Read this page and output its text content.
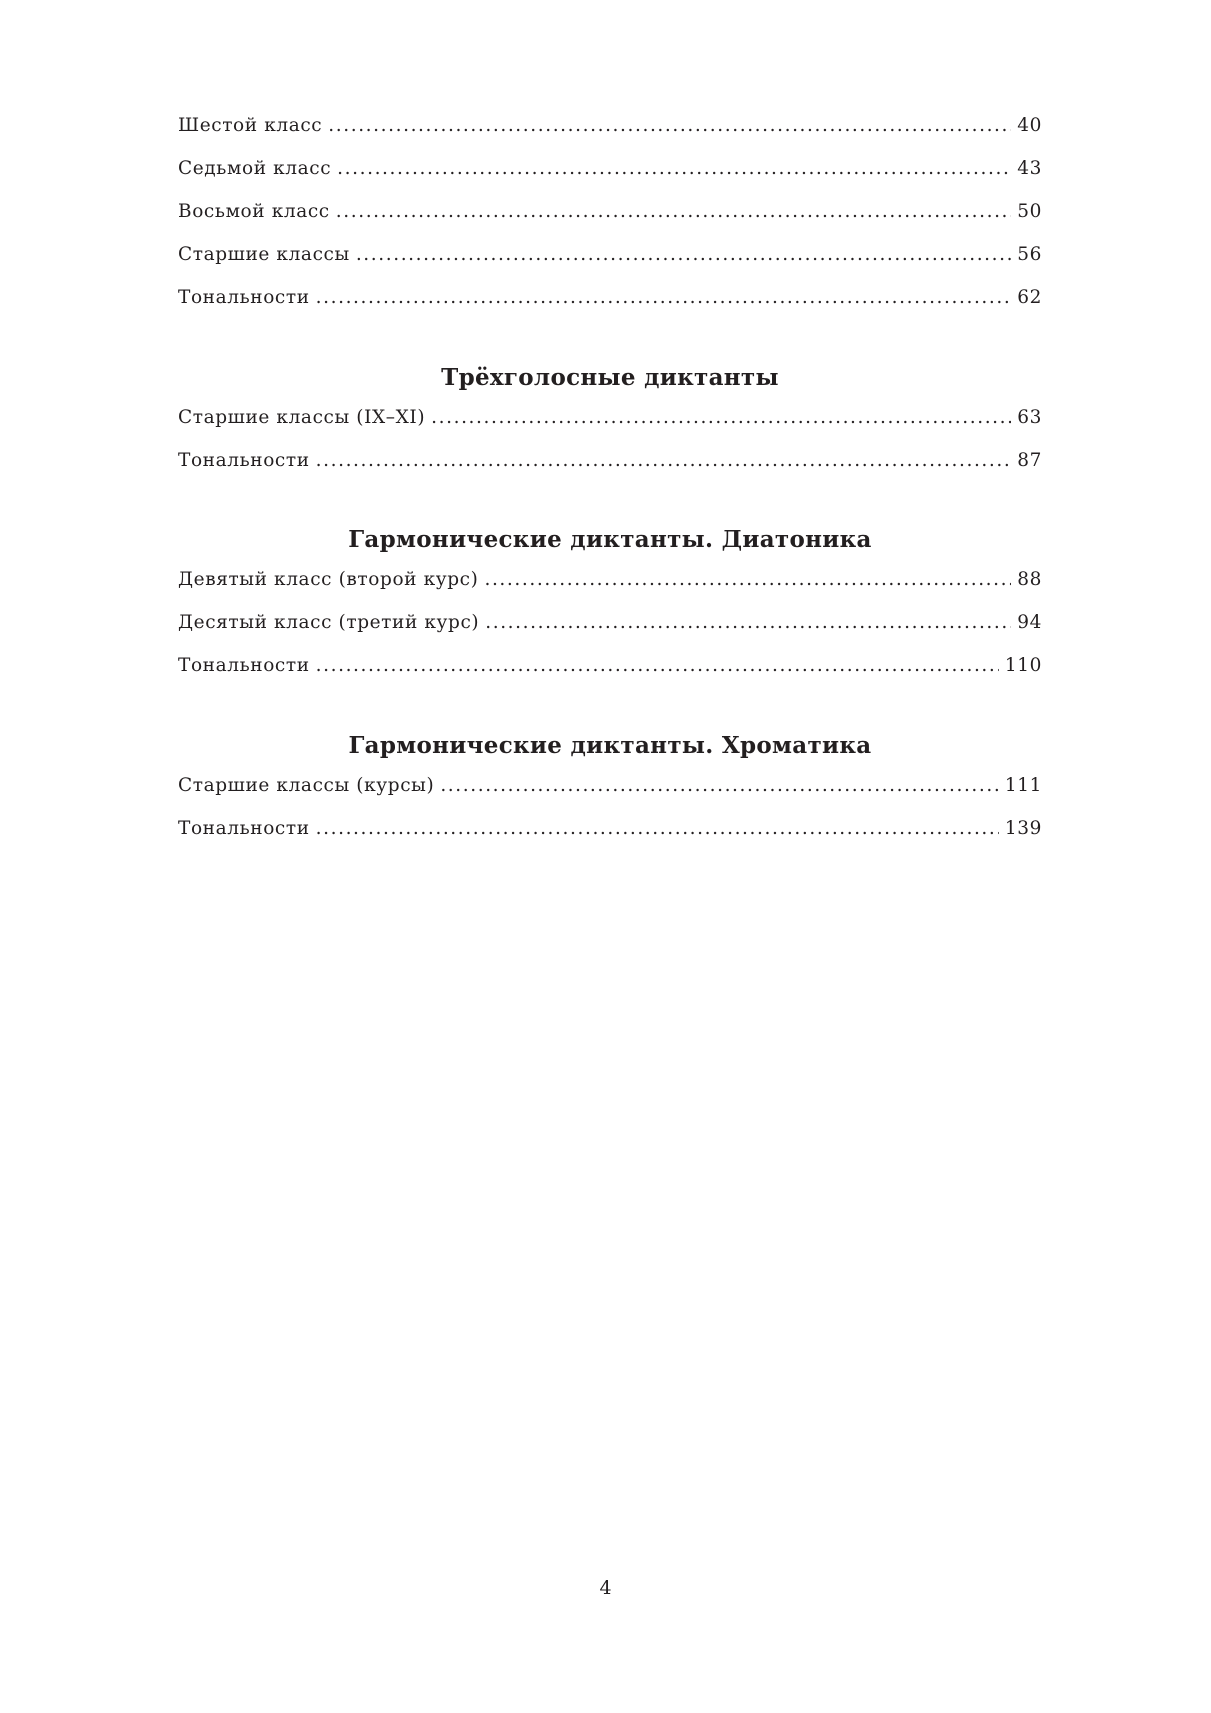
Шестой класс .....	40
Седьмой класс .....	43
Восьмой класс .....	50
Старшие классы .....	56
Тональности .....	62
Трёхголосные диктанты
Старшие классы (IX–XI) .....	63
Тональности .....	87
Гармонические диктанты. Диатоника
Девятый класс (второй курс) .....	88
Десятый класс (третий курс) .....	94
Тональности .....	110
Гармонические диктанты. Хроматика
Старшие классы (курсы) .....	111
Тональности .....	139
4
